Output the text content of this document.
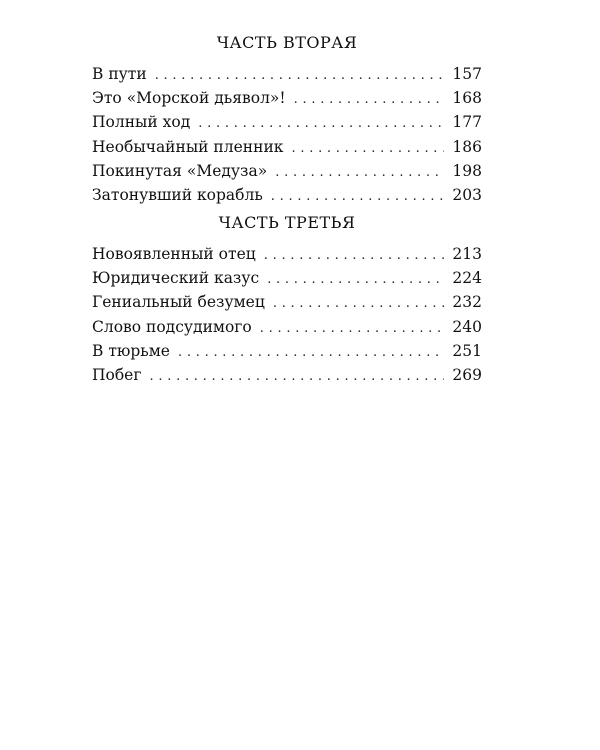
ЧАСТЬ ВТОРАЯ
В пути . . .	157
Это «Морской дьявол»! . . .	168
Полный ход . . .	177
Необычайный пленник . . .	186
Покинутая «Медуза» . . .	198
Затонувший корабль . . .	203
ЧАСТЬ ТРЕТЬЯ
Новоявленный отец . . .	213
Юридический казус . . .	224
Гениальный безумец . . .	232
Слово подсудимого . . .	240
В тюрьме . . .	251
Побег . . .	269
